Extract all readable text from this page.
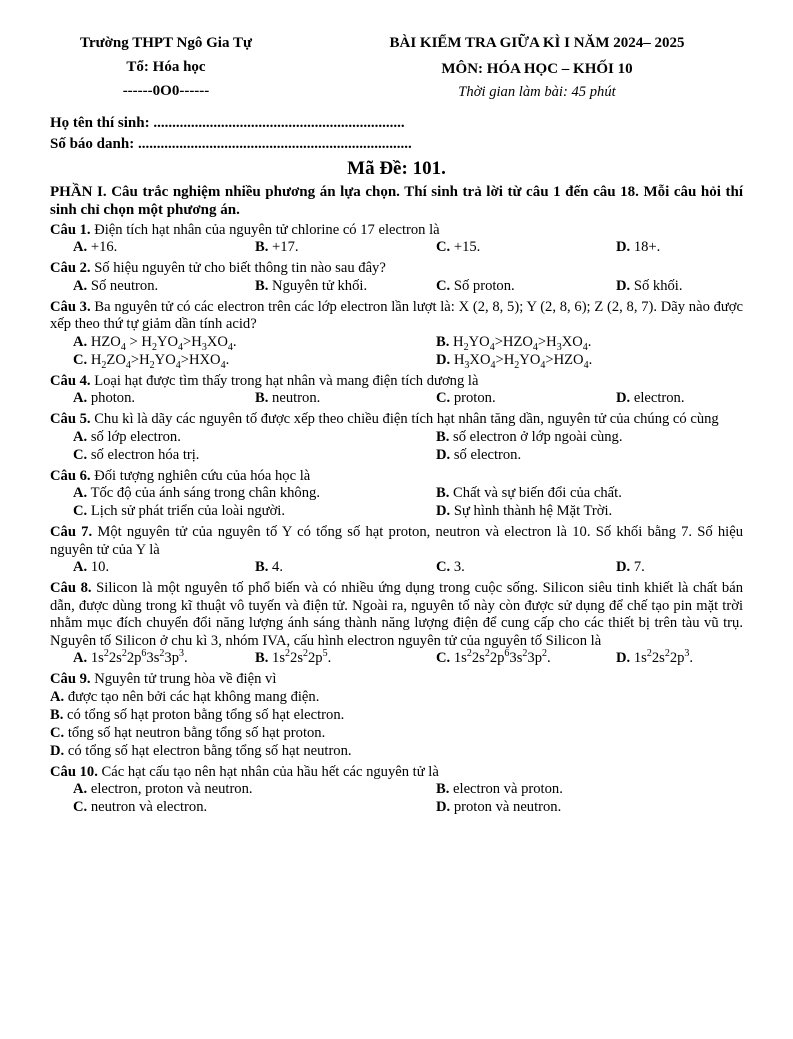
Trường THPT Ngô Gia Tự
Tổ: Hóa học
------0O0------
BÀI KIỂM TRA GIỮA KÌ I NĂM 2024– 2025
MÔN: HÓA HỌC – KHỐI 10
Thời gian làm bài: 45 phút
Họ tên thí sinh: ...................................................................
Số báo danh: .........................................................................
Mã Đề: 101.
PHẦN I. Câu trắc nghiệm nhiều phương án lựa chọn. Thí sinh trả lời từ câu 1 đến câu 18. Mỗi câu hỏi thí sinh chỉ chọn một phương án.
Câu 1. Điện tích hạt nhân của nguyên tử chlorine có 17 electron là
A. +16.	B. +17.	C. +15.	D. 18+.
Câu 2. Số hiệu nguyên tử cho biết thông tin nào sau đây?
A. Số neutron.	B. Nguyên tử khối.	C. Số proton.	D. Số khối.
Câu 3. Ba nguyên tử có các electron trên các lớp electron lần lượt là: X (2, 8, 5); Y (2, 8, 6); Z (2, 8, 7). Dãy nào được xếp theo thứ tự giảm dần tính acid?
A. $HZO_4 > H_2YO_4>H_3XO_4$.	B. $H_2YO_4>HZO_4>H_3XO_4$.
C. $H_2ZO_4>H_2YO_4>HXO_4$.	D. $H_3XO_4>H_2YO_4>HZO_4$.
Câu 4. Loại hạt được tìm thấy trong hạt nhân và mang điện tích dương là
A. photon.	B. neutron.	C. proton.	D. electron.
Câu 5. Chu kì là dãy các nguyên tố được xếp theo chiều điện tích hạt nhân tăng dần, nguyên tử của chúng có cùng
A. số lớp electron.	B. số electron ở lớp ngoài cùng.
C. số electron hóa trị.	D. số electron.
Câu 6. Đối tượng nghiên cứu của hóa học là
A. Tốc độ của ánh sáng trong chân không.	B. Chất và sự biến đổi của chất.
C. Lịch sử phát triển của loài người.	D. Sự hình thành hệ Mặt Trời.
Câu 7. Một nguyên tử của nguyên tố Y có tổng số hạt proton, neutron và electron là 10. Số khối bằng 7. Số hiệu nguyên tử của Y là
A. 10.	B. 4.	C. 3.	D. 7.
Câu 8. Silicon là một nguyên tố phổ biến và có nhiều ứng dụng trong cuộc sống. Silicon siêu tinh khiết là chất bán dẫn, được dùng trong kĩ thuật vô tuyến và điện tử. Ngoài ra, nguyên tố này còn được sử dụng để chế tạo pin mặt trời nhằm mục đích chuyển đổi năng lượng ánh sáng thành năng lượng điện để cung cấp cho các thiết bị trên tàu vũ trụ. Nguyên tố Silicon ở chu kì 3, nhóm IVA, cấu hình electron nguyên tử của nguyên tố Silicon là
A. $1s^22s^22p^63s^23p^3$.	B. $1s^22s^22p^5$.	C. $1s^22s^22p^63s^23p^2$.	D. $1s^22s^22p^3$.
Câu 9. Nguyên tử trung hòa về điện vì
A. được tạo nên bởi các hạt không mang điện.
B. có tổng số hạt proton bằng tổng số hạt electron.
C. tổng số hạt neutron bằng tổng số hạt proton.
D. có tổng số hạt electron bằng tổng số hạt neutron.
Câu 10. Các hạt cấu tạo nên hạt nhân của hầu hết các nguyên tử là
A. electron, proton và neutron.	B. electron và proton.
C. neutron và electron.	D. proton và neutron.
